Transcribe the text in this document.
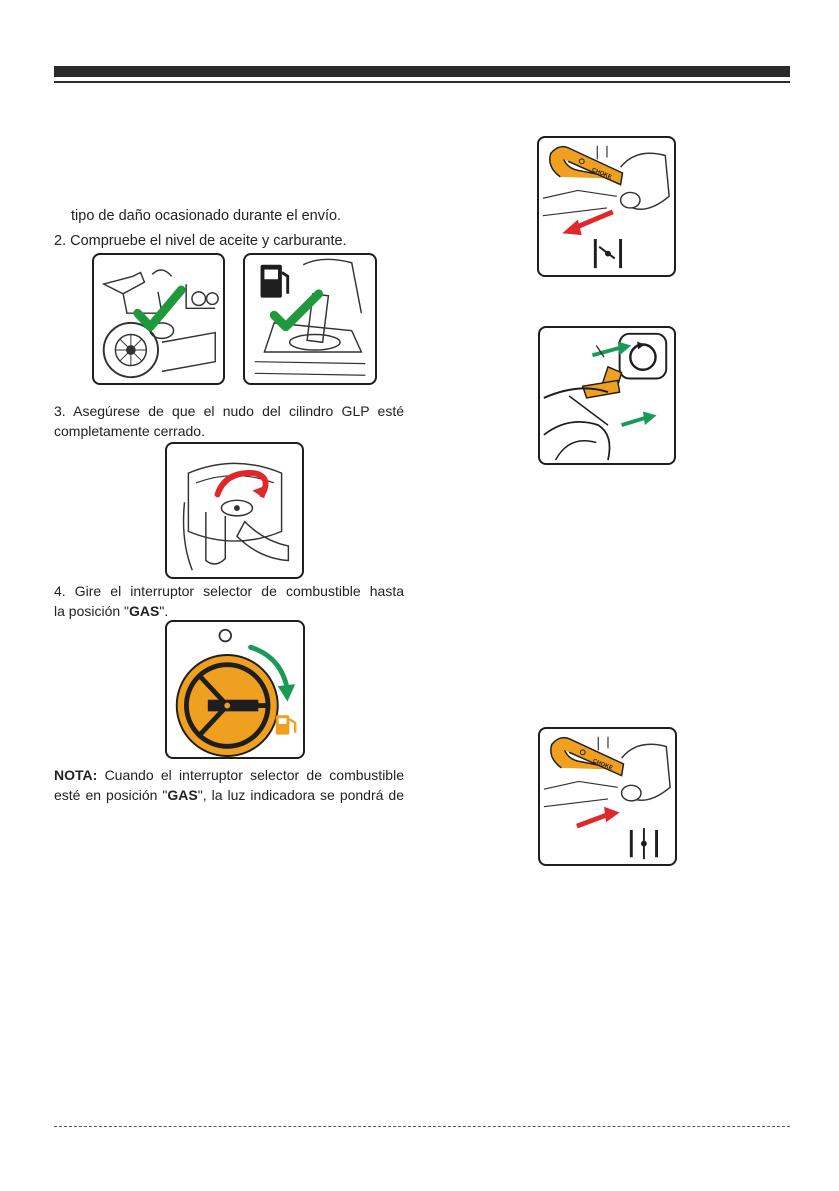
tipo de daño ocasionado durante el envío.
2. Compruebe el nivel de aceite y carburante.
3. Asegúrese de que el nudo del cilindro GLP esté
completamente cerrado.
4. Gire el interruptor selector de combustible hasta
la posición "GAS".
NOTA: Cuando el interruptor selector de combustible
esté en posición "GAS", la luz indicadora se pondrá de
CHOKE
CHOKE
